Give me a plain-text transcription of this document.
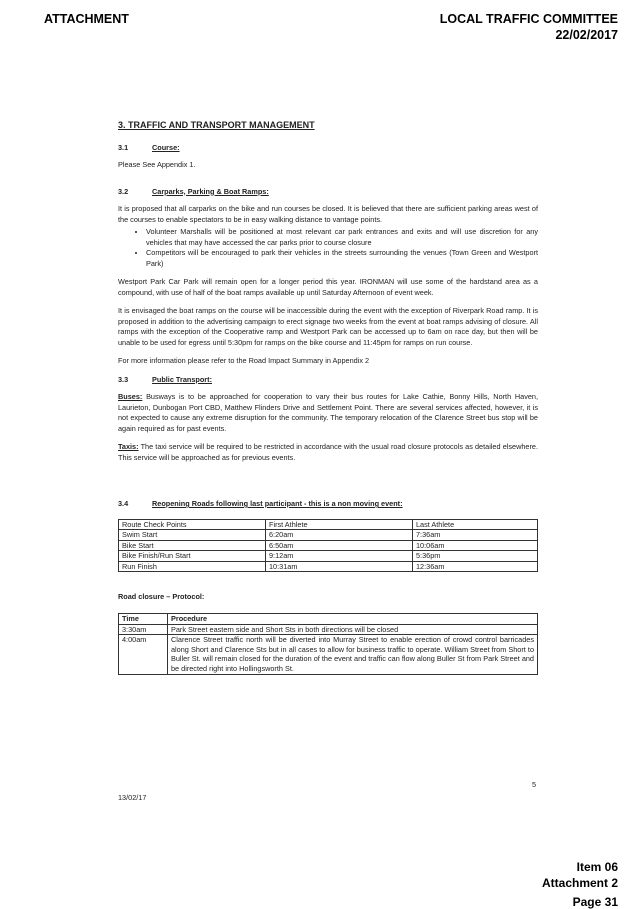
ATTACHMENT	LOCAL TRAFFIC COMMITTEE
22/02/2017
3. TRAFFIC AND TRANSPORT MANAGEMENT
3.1	Course:

Please See Appendix 1.

3.2	Carparks, Parking & Boat Ramps:

It is proposed that all carparks on the bike and run courses be closed. It is believed that there are sufficient parking areas west of the courses to enable spectators to be in easy walking distance to vantage points.

• Volunteer Marshalls will be positioned at most relevant car park entrances and exits and will use discretion for any vehicles that may have accessed the car parks prior to course closure
• Competitors will be encouraged to park their vehicles in the streets surrounding the venues (Town Green and Westport Park)

Westport Park Car Park will remain open for a longer period this year. IRONMAN will use some of the hardstand area as a compound, with use of half of the boat ramps available up until Saturday Afternoon of event week.

It is envisaged the boat ramps on the course will be inaccessible during the event with the exception of Riverpark Road ramp. It is proposed in addition to the advertising campaign to erect signage two weeks from the event at boat ramps advising of closure. All ramps with the exception of the Cooperative ramp and Westport Park can be accessed up to 6am on race day, but then will be unable to be used for egress until 5:30pm for ramps on the bike course and 11:45pm for ramps on run course.

For more information please refer to the Road Impact Summary in Appendix 2

3.3	Public Transport:

Buses: Busways is to be approached for cooperation to vary their bus routes for Lake Cathie, Bonny Hills, North Haven, Laurieton, Dunbogan Port CBD, Matthew Flinders Drive and Settlement Point. There are several services affected, however, it is not expected to cause any extreme disruption for the community. The temporary relocation of the Clarence Street bus stop will be again required as for past events.

Taxis: The taxi service will be required to be restricted in accordance with the usual road closure protocols as detailed elsewhere. This service will be approached as for previous events.

3.4	Reopening Roads following last participant - this is a non moving event:
Route Check Points	First Athlete	Last Athlete
Swim Start	6:20am	7:36am
Bike Start	6:50am	10:06am
Bike Finish/Run Start	9:12am	5:36pm
Run Finish	10:31am	12:36am
Road closure – Protocol:
Time	Procedure
3:30am	Park Street eastern side and Short Sts in both directions will be closed
4:00am	Clarence Street traffic north will be diverted into Murray Street to enable erection of crowd control barricades along Short and Clarence Sts but in all cases to allow for business traffic to operate. William Street from Short to Buller St. will remain closed for the duration of the event and traffic can flow along Buller St from Park Street and be directed right into Hollingsworth St.
5
13/02/17
Item 06
Attachment 2
Page 31
